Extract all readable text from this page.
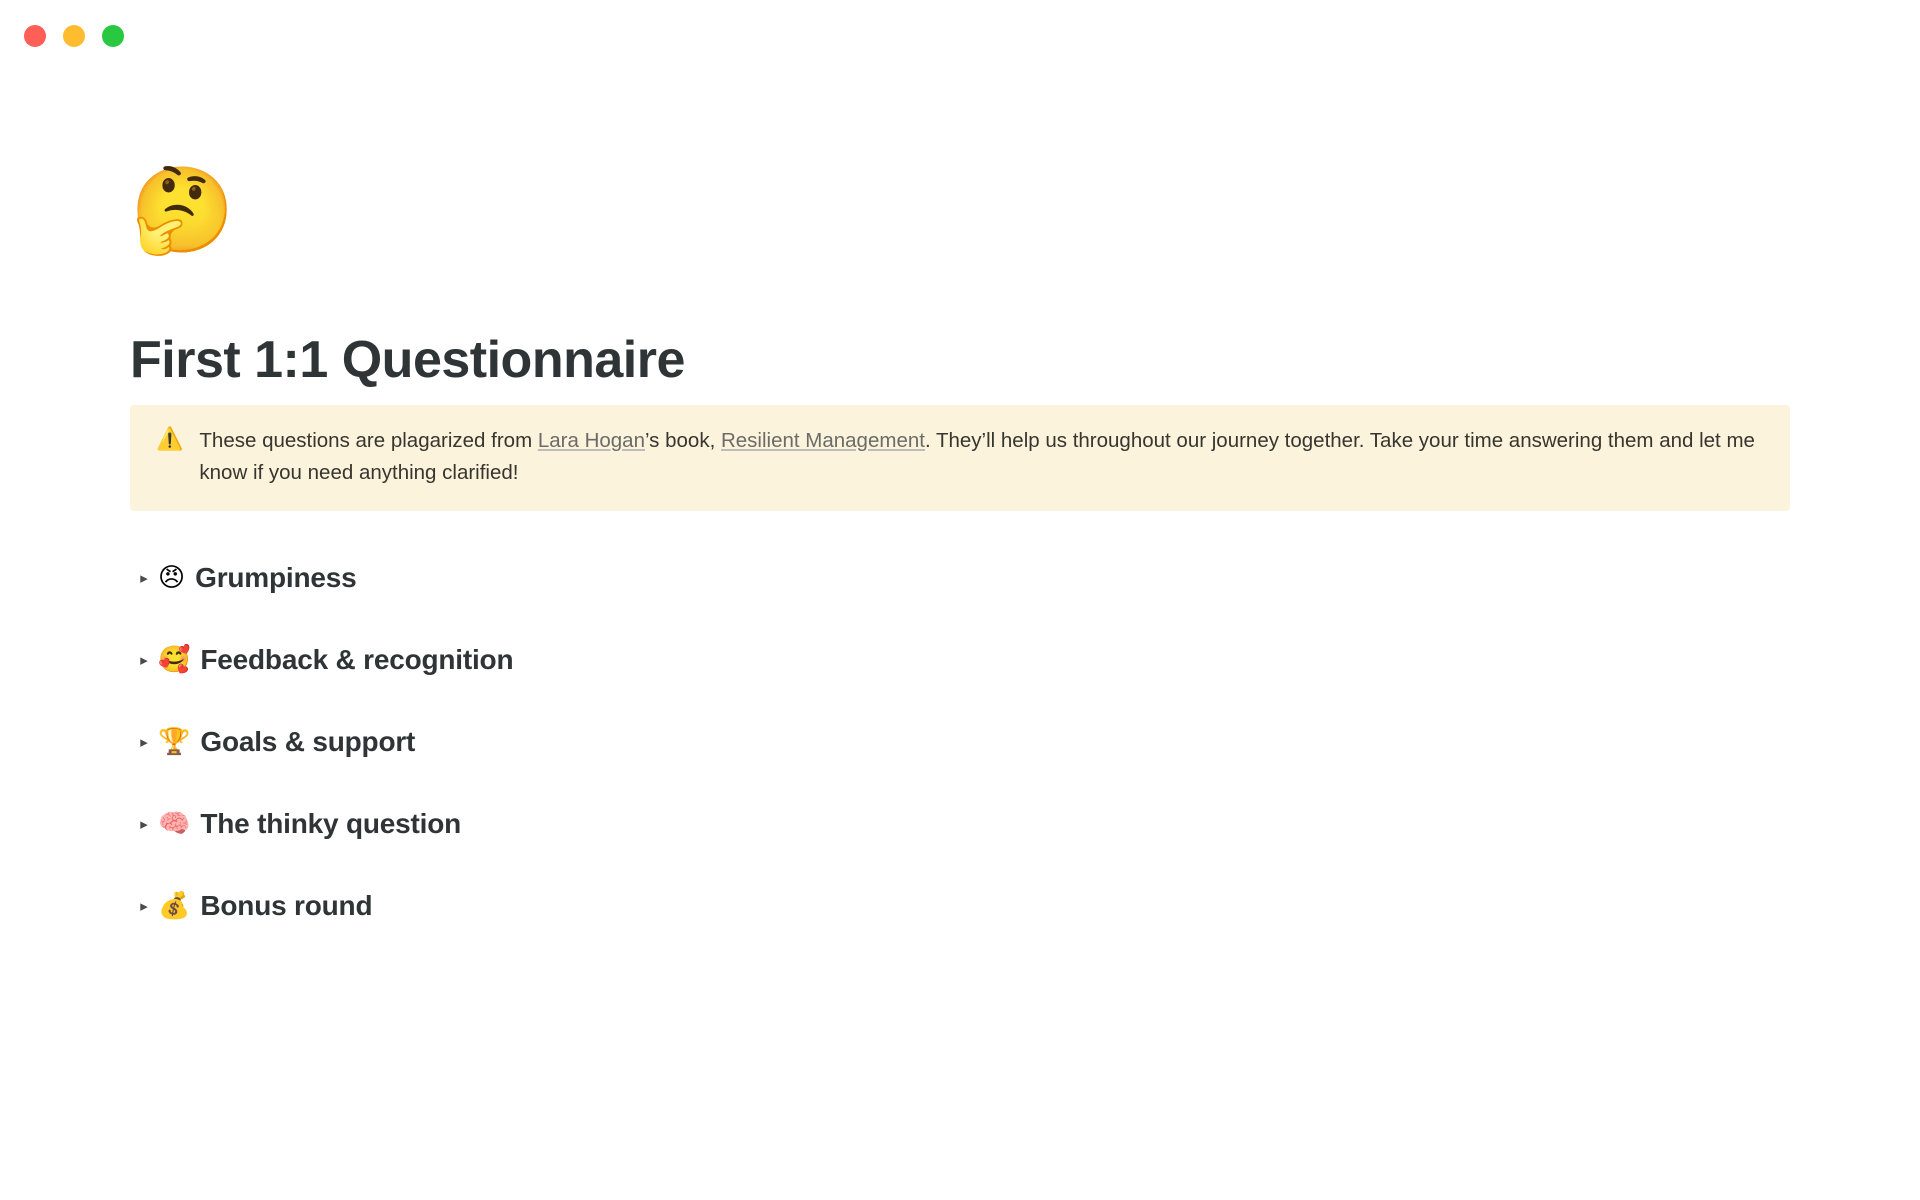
🤔
First 1:1 Questionnaire
⚠️ These questions are plagarized from Lara Hogan’s book, Resilient Management. They’ll help us throughout our journey together. Take your time answering them and let me know if you need anything clarified!
▸ 😠 Grumpiness
▸ 🥰 Feedback & recognition
▸ 🏆 Goals & support
▸ 🧠 The thinky question
▸ 💰 Bonus round
